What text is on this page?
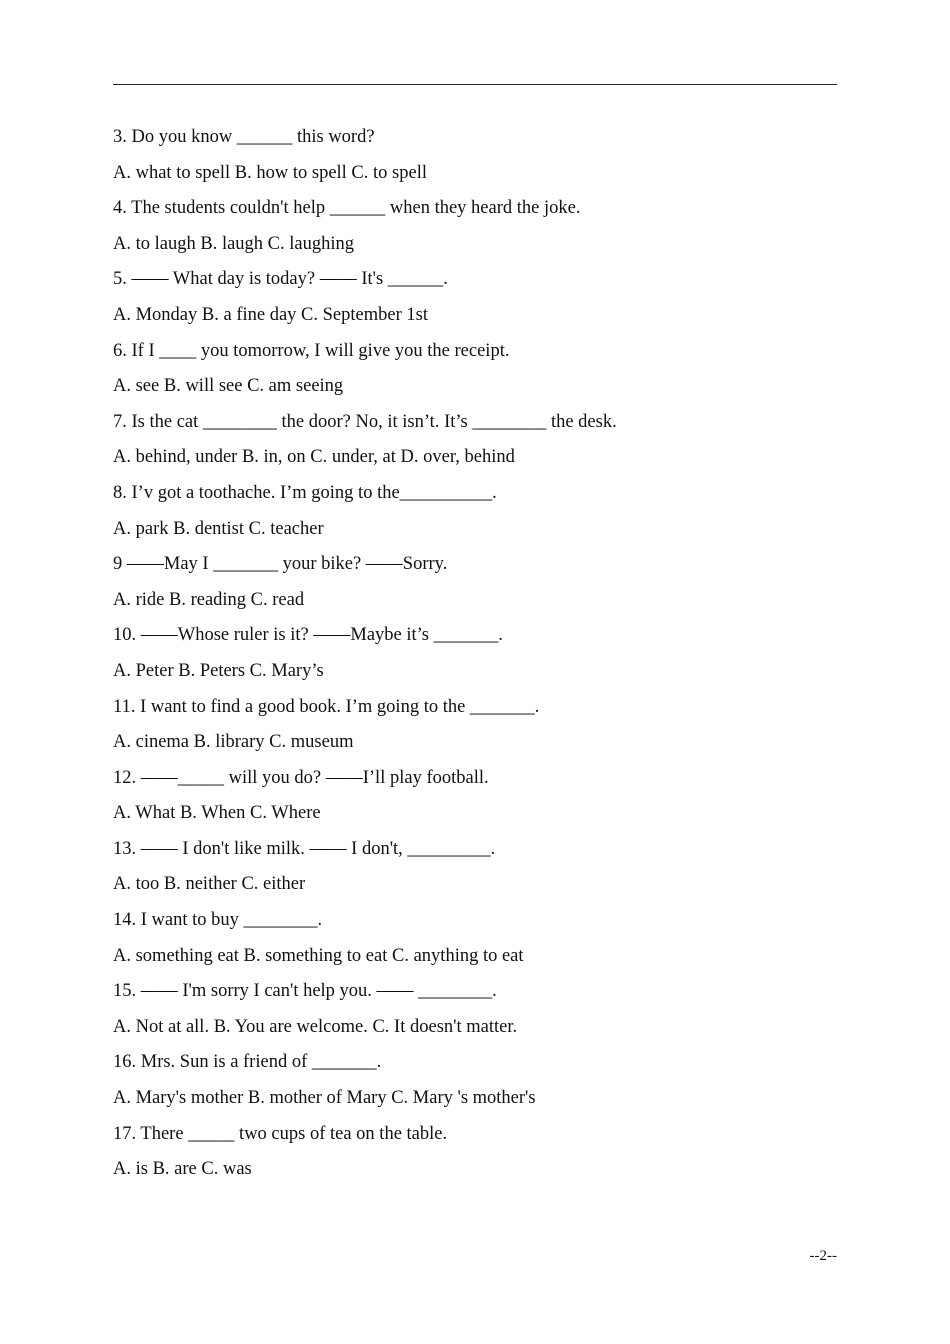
3. Do you know ______ this word?
A. what to spell B. how to spell C. to spell
4. The students couldn't help ______ when they heard the joke.
A. to laugh B. laugh C. laughing
5. —— What day is today? —— It's ______.
A. Monday B. a fine day C. September 1st
6. If I ____ you tomorrow, I will give you the receipt.
A. see B. will see C. am seeing
7. Is the cat ________ the door? No, it isn’t. It’s ________ the desk.
A. behind, under B. in, on C. under, at D. over, behind
8. I’v got a toothache. I’m going to the__________.
A. park B. dentist C. teacher
9 ——May I _______ your bike? ——Sorry.
A. ride B. reading C. read
10. ——Whose ruler is it? ——Maybe it’s _______.
A. Peter B. Peters C. Mary’s
11. I want to find a good book. I’m going to the _______.
A. cinema B. library C. museum
12. ——_____ will you do? ——I’ll play football.
A. What B. When C. Where
13. —— I don't like milk. —— I don't, _________.
A. too B. neither C. either
14. I want to buy ________.
A. something eat B. something to eat C. anything to eat
15. —— I'm sorry I can't help you. —— ________.
A. Not at all. B. You are welcome. C. It doesn't matter.
16. Mrs. Sun is a friend of _______.
A. Mary's mother B. mother of Mary C. Mary 's mother's
17. There _____ two cups of tea on the table.
A. is B. are C. was
--2--
